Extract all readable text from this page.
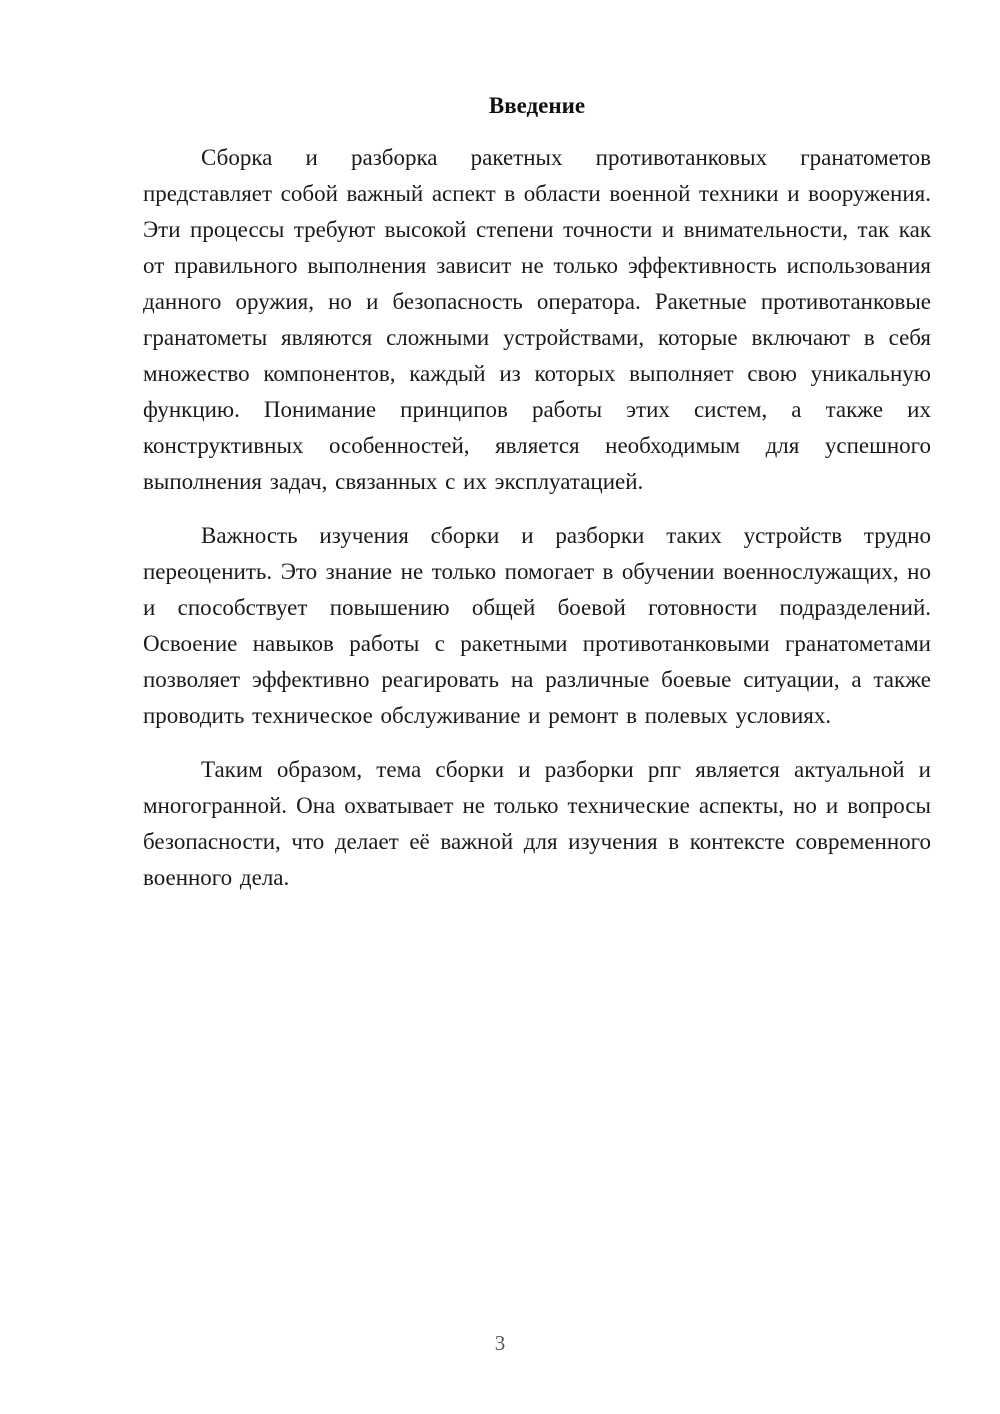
Введение

Сборка и разборка ракетных противотанковых гранатометов представляет собой важный аспект в области военной техники и вооружения. Эти процессы требуют высокой степени точности и внимательности, так как от правильного выполнения зависит не только эффективность использования данного оружия, но и безопасность оператора. Ракетные противотанковые гранатометы являются сложными устройствами, которые включают в себя множество компонентов, каждый из которых выполняет свою уникальную функцию. Понимание принципов работы этих систем, а также их конструктивных особенностей, является необходимым для успешного выполнения задач, связанных с их эксплуатацией.

Важность изучения сборки и разборки таких устройств трудно переоценить. Это знание не только помогает в обучении военнослужащих, но и способствует повышению общей боевой готовности подразделений. Освоение навыков работы с ракетными противотанковыми гранатометами позволяет эффективно реагировать на различные боевые ситуации, а также проводить техническое обслуживание и ремонт в полевых условиях.

Таким образом, тема сборки и разборки рпг является актуальной и многогранной. Она охватывает не только технические аспекты, но и вопросы безопасности, что делает её важной для изучения в контексте современного военного дела.

3
